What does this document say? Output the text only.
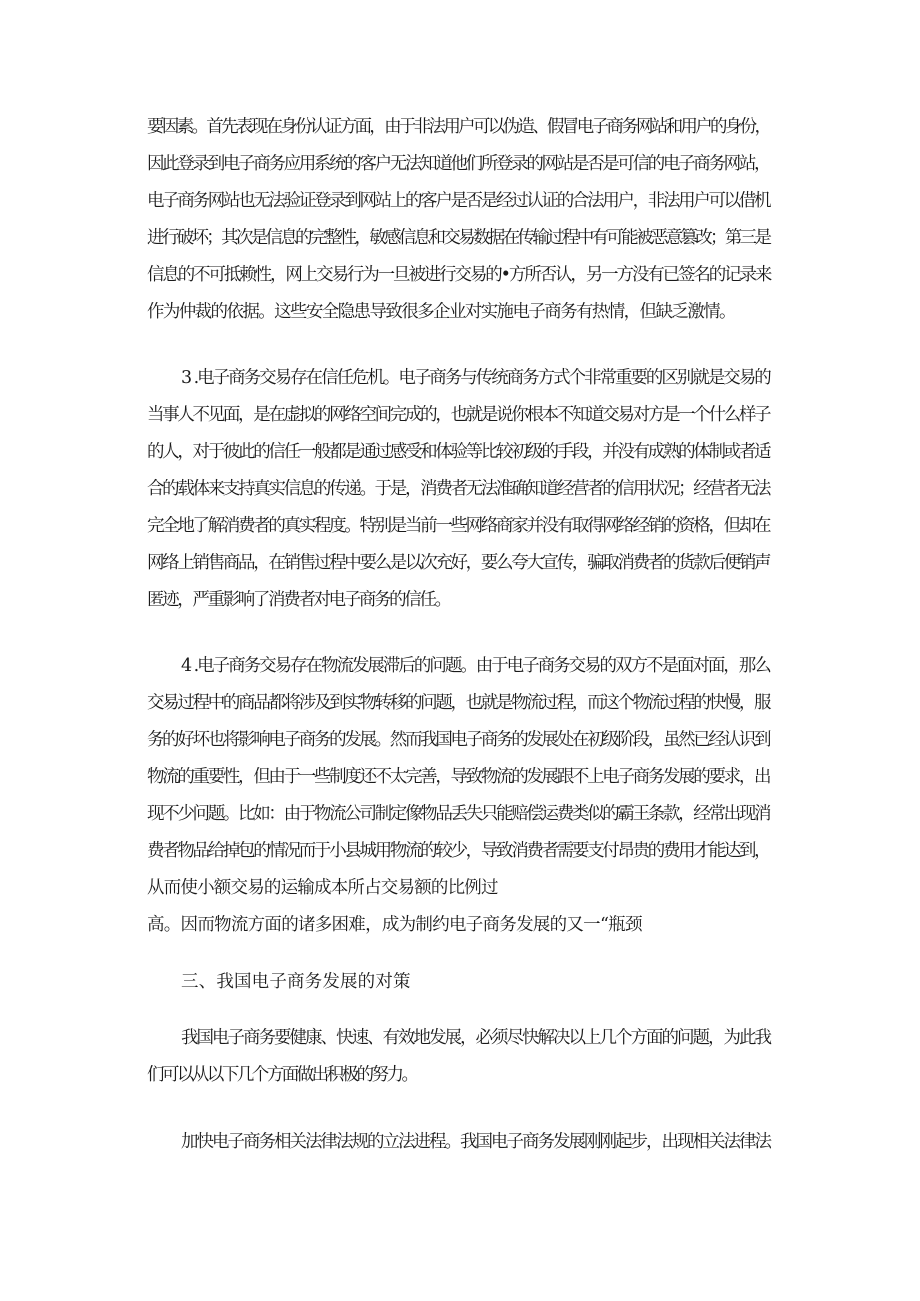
要因素。首先表现在身份认证方面，由于非法用户可以伪造、假冒电子商务网站和用户的身份，
因此登录到电子商务应用系统的客户无法知道他们所登录的网站是否是可信的电子商务网站，
电子商务网站也无法验证登录到网站上的客户是否是经过认证的合法用户，非法用户可以借机
进行破坏；其次是信息的完整性，敏感信息和交易数据在传输过程中有可能被恶意篡改；第三是
信息的不可抵赖性，网上交易行为一旦被进行交易的•方所否认，另一方没有已签名的记录来
作为仲裁的依据。这些安全隐患导致很多企业对实施电子商务有热情，但缺乏激情。
3 .电子商务交易存在信任危机。电子商务与传统商务方式个非常重要的区别就是交易的
当事人不见面，是在虚拟的网络空间完成的，也就是说你根本不知道交易对方是一个什么样子
的人，对于彼此的信任一般都是通过感受和体验等比较初级的手段，并没有成熟的体制或者适
合的载体来支持真实信息的传递。于是，消费者无法准确知道经营者的信用状况；经营者无法
完全地了解消费者的真实程度。特别是当前一些网络商家并没有取得网络经销的资格，但却在
网络上销售商品，在销售过程中要么是以次充好，要么夸大宣传，骗取消费者的货款后便销声
匿迹，严重影响了消费者对电子商务的信任。
4 .电子商务交易存在物流发展滞后的问题。由于电子商务交易的双方不是面对面，那么
交易过程中的商品都将涉及到实物转移的问题，也就是物流过程，而这个物流过程的快慢，服
务的好坏也将影响电子商务的发展。然而我国电子商务的发展处在初级阶段，虽然已经认识到
物流的重要性，但由于一些制度还不太完善，导致物流的发展跟不上电子商务发展的要求，出
现不少问题。比如：由于物流公司制定像物品丢失只能赔偿运费类似的霸王条款，经常出现消
费者物品给掉包的情况而于小县城用物流的较少，导致消费者需要支付昂贵的费用才能达到，
从而使小额交易的运输成本所占交易额的比例过
高。因而物流方面的诸多困难，成为制约电子商务发展的又一“瓶颈
三、我国电子商务发展的对策
我国电子商务要健康、快速、有效地发展，必须尽快解决以上几个方面的问题，为此我
们可以从以下几个方面做出积极的努力。
加快电子商务相关法律法规的立法进程。我国电子商务发展刚刚起步，出现相关法律法
